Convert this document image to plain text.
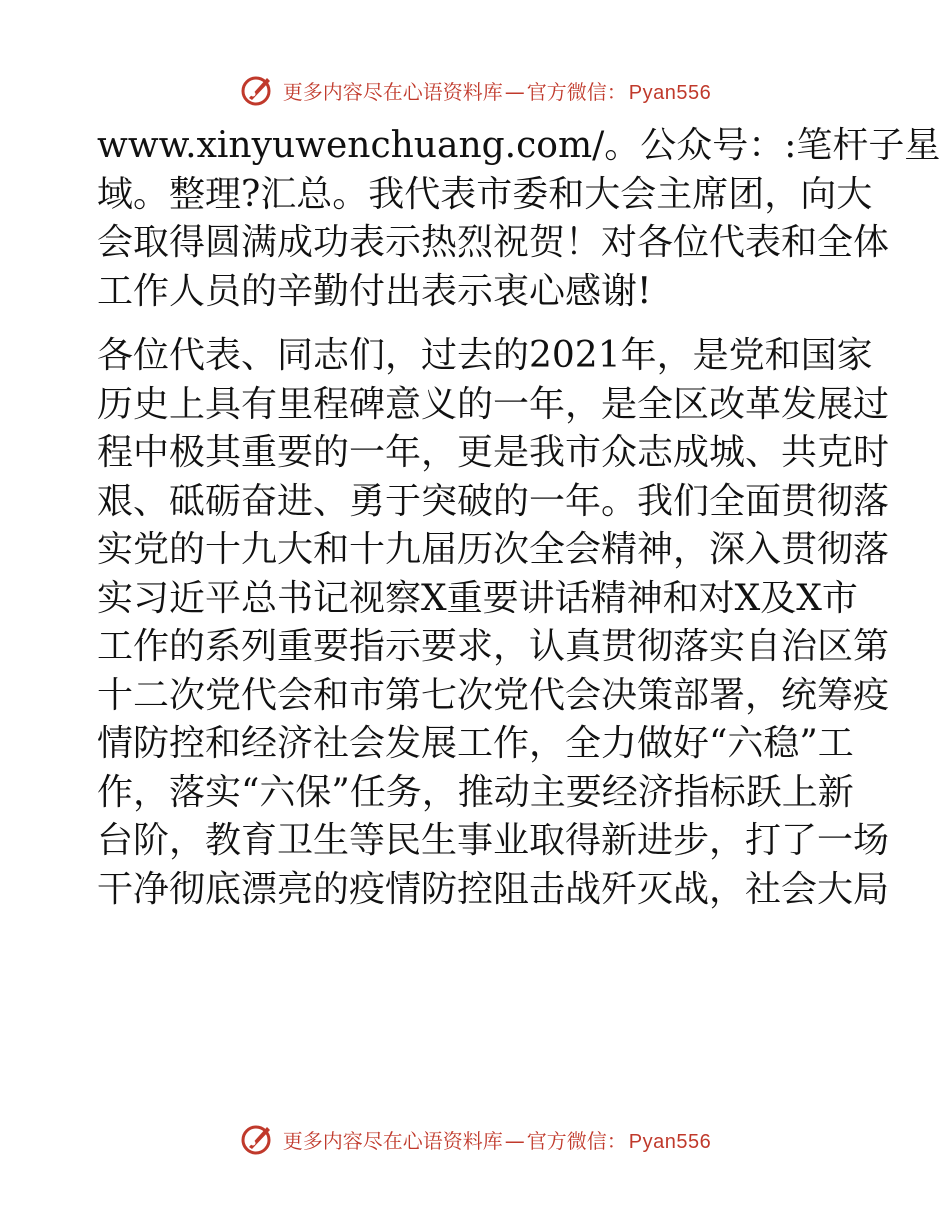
更多内容尽在心语资料库 — 官方微信： Pyan556
www.xinyuwenchuang.com/。公众号：:笔杆子星
域。整理?汇总。我代表市委和大会主席团，向大
会取得圆满成功表示热烈祝贺！对各位代表和全体
工作人员的辛勤付出表示衷心感谢!
各位代表、同志们，过去的2021年，是党和国家
历史上具有里程碑意义的一年，是全区改革发展过
程中极其重要的一年，更是我市众志成城、共克时
艰、砥砺奋进、勇于突破的一年。我们全面贯彻落
实党的十九大和十九届历次全会精神，深入贯彻落
实习近平总书记视察X重要讲话精神和对X及X市
工作的系列重要指示要求，认真贯彻落实自治区第
十二次党代会和市第七次党代会决策部署，统筹疫
情防控和经济社会发展工作，全力做好“六稳”工
作，落实“六保”任务，推动主要经济指标跃上新
台阶，教育卫生等民生事业取得新进步，打了一场
干净彻底漂亮的疫情防控阻击战歼灭战，社会大局
更多内容尽在心语资料库 — 官方微信： Pyan556
